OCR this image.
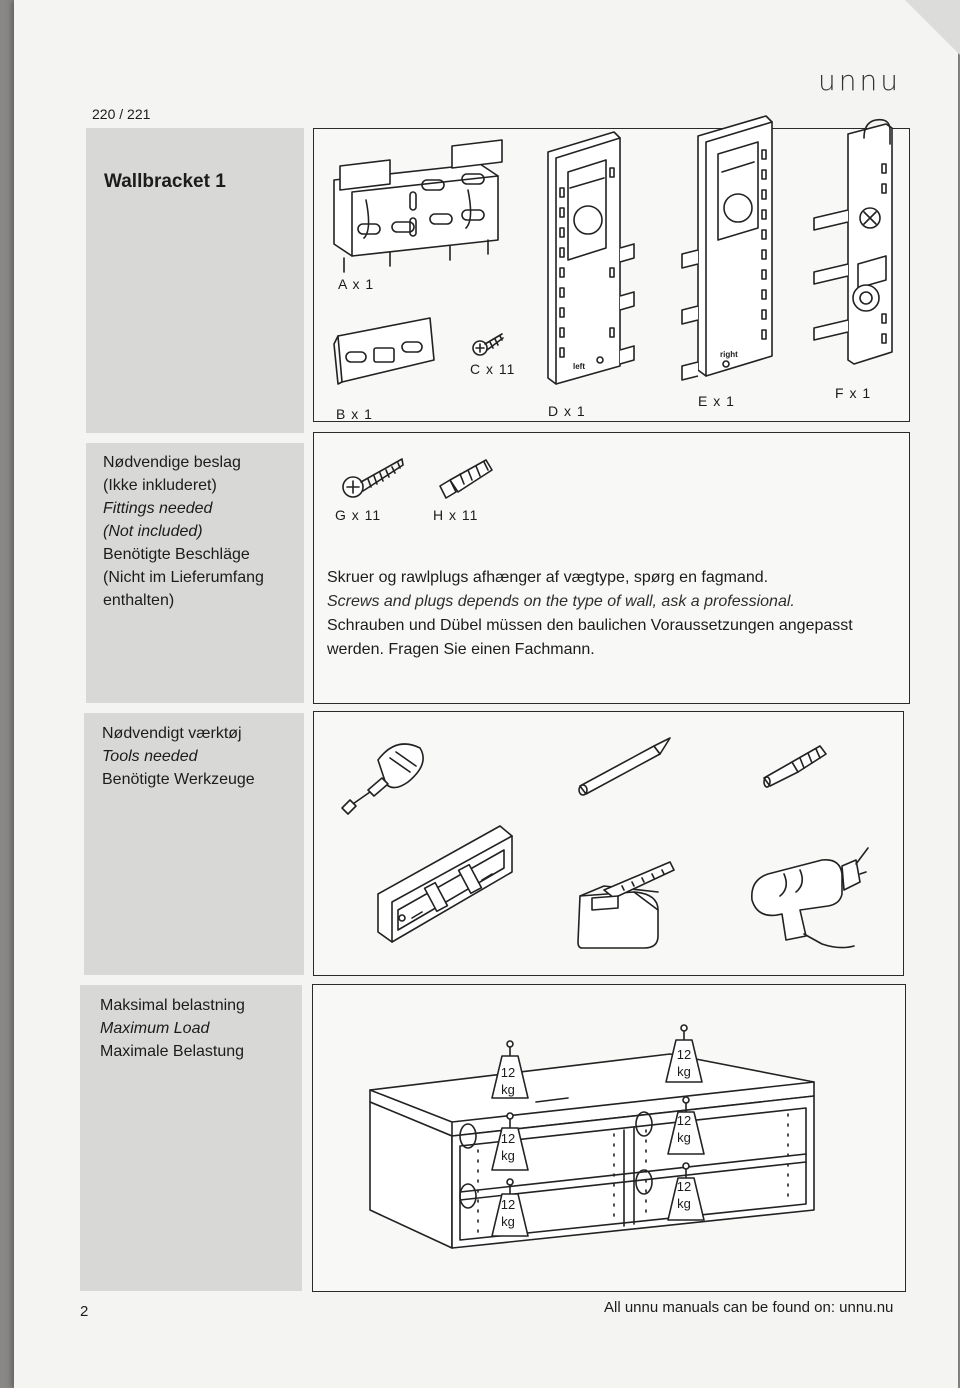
220 / 221
unnu
Wallbracket 1
A x 1
B x 1
C x 11	left
D x 1
right
E x 1	F x 1
Nødvendige beslag
(Ikke inkluderet)
Fittings needed
(Not included)
Benötigte Beschläge
(Nicht im Lieferumfang
enthalten)
G x 11	H x 11
Skruer og rawlplugs afhænger af vægtype, spørg en fagmand.
Screws and plugs depends on the type of wall, ask a professional.
Schrauben und Dübel müssen den baulichen Voraussetzungen angepasst
werden. Fragen Sie einen Fachmann.
Nødvendigt værktøj
Tools needed
Benötigte Werkzeuge
Maksimal belastning
Maximum Load
Maximale Belastung
12
kg
12
kg
12
kg
12
kg
12
kg
12
kg
2	All unnu manuals can be found on: unnu.nu
